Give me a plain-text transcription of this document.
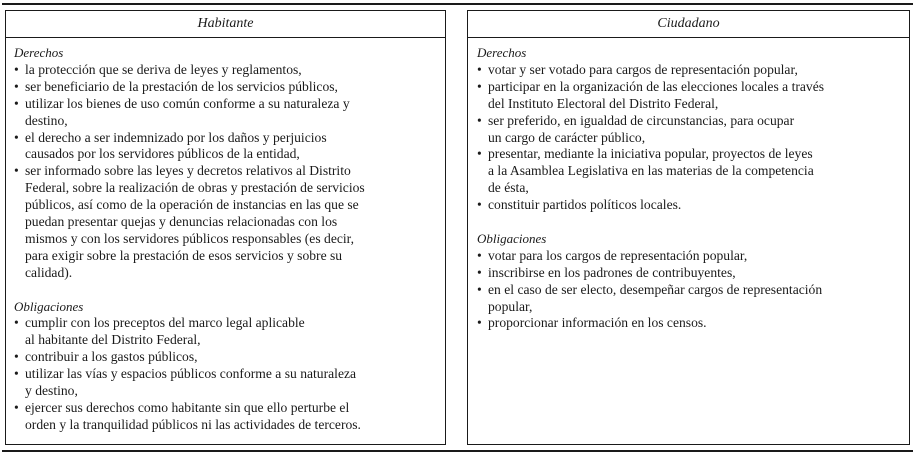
Habitante
Derechos
• la protección que se deriva de leyes y reglamentos,
• ser beneficiario de la prestación de los servicios públicos,
• utilizar los bienes de uso común conforme a su naturaleza y
destino,
• el derecho a ser indemnizado por los daños y perjuicios
causados por los servidores públicos de la entidad,
• ser informado sobre las leyes y decretos relativos al Distrito
Federal, sobre la realización de obras y prestación de servicios
públicos, así como de la operación de instancias en las que se
puedan presentar quejas y denuncias relacionadas con los
mismos y con los servidores públicos responsables (es decir,
para exigir sobre la prestación de esos servicios y sobre su
calidad).
Obligaciones
• cumplir con los preceptos del marco legal aplicable
al habitante del Distrito Federal,
• contribuir a los gastos públicos,
• utilizar las vías y espacios públicos conforme a su naturaleza
y destino,
• ejercer sus derechos como habitante sin que ello perturbe el
orden y la tranquilidad públicos ni las actividades de terceros.
Ciudadano
Derechos
• votar y ser votado para cargos de representación popular,
• participar en la organización de las elecciones locales a través
del Instituto Electoral del Distrito Federal,
• ser preferido, en igualdad de circunstancias, para ocupar
un cargo de carácter público,
• presentar, mediante la iniciativa popular, proyectos de leyes
a la Asamblea Legislativa en las materias de la competencia
de ésta,
• constituir partidos políticos locales.
Obligaciones
• votar para los cargos de representación popular,
• inscribirse en los padrones de contribuyentes,
• en el caso de ser electo, desempeñar cargos de representación
popular,
• proporcionar información en los censos.
